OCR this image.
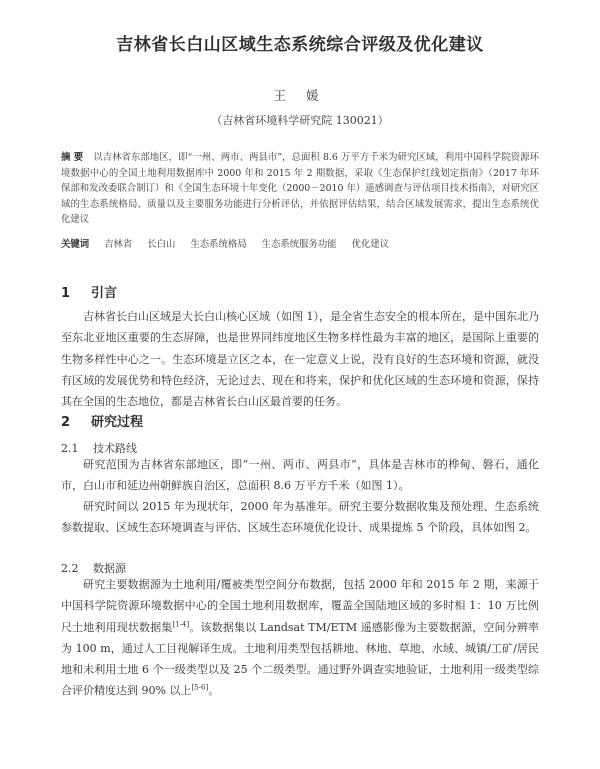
吉林省长白山区域生态系统综合评级及优化建议
王 媛
（吉林省环境科学研究院 130021）
摘 要 以吉林省东部地区，即“一州、两市、两县市”，总面积 8.6 万平方千米为研究区域，利用中国科学院资源环境数据中心的全国土地利用数据库中 2000 年和 2015 年 2 期数据，采取《生态保护红线划定指南》（2017 年环保部和发改委联合制订）和《全国生态环境十年变化（2000－2010 年）遥感调查与评估项目技术指南》，对研究区域的生态系统格局、质量以及主要服务功能进行分析评估，并依据评估结果，结合区域发展需求，提出生态系统优化建议
关键词 吉林省 长白山 生态系统格局 生态系统服务功能 优化建议
1 引言
吉林省长白山区域是大长白山核心区域（如图 1），是全省生态安全的根本所在，是中国东北乃至东北亚地区重要的生态屏障，也是世界同纬度地区生物多样性最为丰富的地区，是国际上重要的生物多样性中心之一。生态环境是立区之本，在一定意义上说，没有良好的生态环境和资源，就没有区域的发展优势和特色经济，无论过去、现在和将来，保护和优化区域的生态环境和资源，保持其在全国的生态地位，都是吉林省长白山区最首要的任务。
2 研究过程
2.1 技术路线
研究范围为吉林省东部地区，即“一州、两市、两县市”，具体是吉林市的桦甸、磐石，通化市，白山市和延边州朝鲜族自治区，总面积 8.6 万平方千米（如图 1）。
研究时间以 2015 年为现状年，2000 年为基准年。研究主要分数据收集及预处理、生态系统参数提取、区域生态环境调查与评估、区域生态环境优化设计、成果提炼 5 个阶段，具体如图 2。
2.2 数据源
研究主要数据源为土地利用/覆被类型空间分布数据，包括 2000 年和 2015 年 2 期，来源于中国科学院资源环境数据中心的全国土地利用数据库，覆盖全国陆地区域的多时相 1：10 万比例尺土地利用现状数据集[1-4]。该数据集以 Landsat TM/ETM 遥感影像为主要数据源，空间分辨率为 100 m，通过人工目视解译生成。土地利用类型包括耕地、林地、草地、水域、城镇/工矿/居民地和未利用土地 6 个一级类型以及 25 个二级类型。通过野外调查实地验证，土地利用一级类型综合评价精度达到 90% 以上[5-6]。
